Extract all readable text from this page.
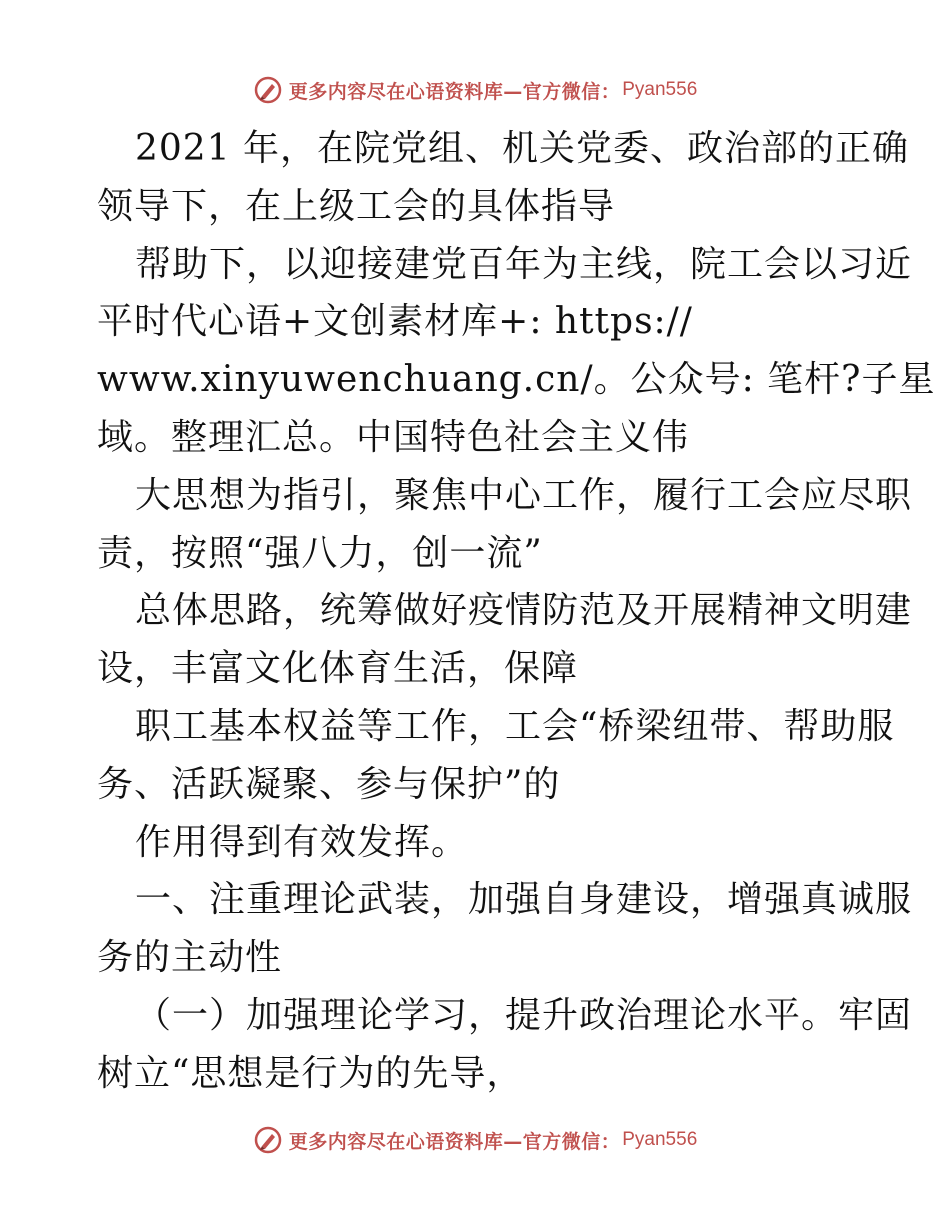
更多内容尽在心语资料库—官方微信： Pyan556
2021 年，在院党组、机关党委、政治部的正确
领导下，在上级工会的具体指导
帮助下，以迎接建党百年为主线，院工会以习近
平时代心语+文创素材库+: https://
www.xinyuwenchuang.cn/。公众号: 笔杆?子星
域。整理汇总。中国特色社会主义伟
大思想为指引，聚焦中心工作，履行工会应尽职
责，按照“强八力，创一流”
总体思路，统筹做好疫情防范及开展精神文明建
设，丰富文化体育生活，保障
职工基本权益等工作，工会“桥梁纽带、帮助服
务、活跃凝聚、参与保护”的
作用得到有效发挥。
一、注重理论武装，加强自身建设，增强真诚服
务的主动性
（一）加强理论学习，提升政治理论水平。牢固
树立“思想是行为的先导，
更多内容尽在心语资料库—官方微信： Pyan556
